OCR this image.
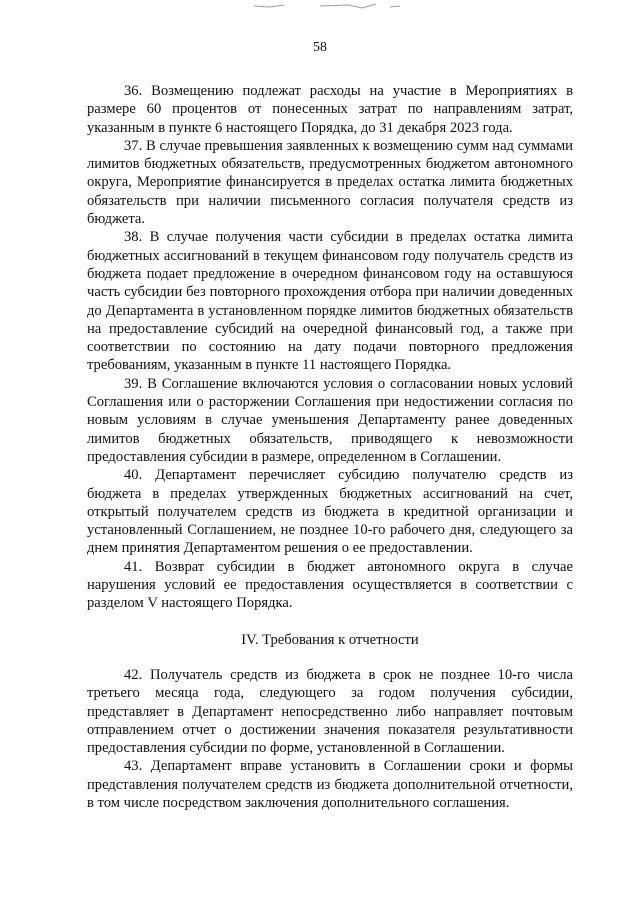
58

36. Возмещению подлежат расходы на участие в Мероприятиях в размере 60 процентов от понесенных затрат по направлениям затрат, указанным в пункте 6 настоящего Порядка, до 31 декабря 2023 года.

37. В случае превышения заявленных к возмещению сумм над суммами лимитов бюджетных обязательств, предусмотренных бюджетом автономного округа, Мероприятие финансируется в пределах остатка лимита бюджетных обязательств при наличии письменного согласия получателя средств из бюджета.

38. В случае получения части субсидии в пределах остатка лимита бюджетных ассигнований в текущем финансовом году получатель средств из бюджета подает предложение в очередном финансовом году на оставшуюся часть субсидии без повторного прохождения отбора при наличии доведенных до Департамента в установленном порядке лимитов бюджетных обязательств на предоставление субсидий на очередной финансовый год, а также при соответствии по состоянию на дату подачи повторного предложения требованиям, указанным в пункте 11 настоящего Порядка.

39. В Соглашение включаются условия о согласовании новых условий Соглашения или о расторжении Соглашения при недостижении согласия по новым условиям в случае уменьшения Департаменту ранее доведенных лимитов бюджетных обязательств, приводящего к невозможности предоставления субсидии в размере, определенном в Соглашении.

40. Департамент перечисляет субсидию получателю средств из бюджета в пределах утвержденных бюджетных ассигнований на счет, открытый получателем средств из бюджета в кредитной организации и установленный Соглашением, не позднее 10-го рабочего дня, следующего за днем принятия Департаментом решения о ее предоставлении.

41. Возврат субсидии в бюджет автономного округа в случае нарушения условий ее предоставления осуществляется в соответствии с разделом V настоящего Порядка.

IV. Требования к отчетности

42. Получатель средств из бюджета в срок не позднее 10-го числа третьего месяца года, следующего за годом получения субсидии, представляет в Департамент непосредственно либо направляет почтовым отправлением отчет о достижении значения показателя результативности предоставления субсидии по форме, установленной в Соглашении.

43. Департамент вправе установить в Соглашении сроки и формы представления получателем средств из бюджета дополнительной отчетности, в том числе посредством заключения дополнительного соглашения.
